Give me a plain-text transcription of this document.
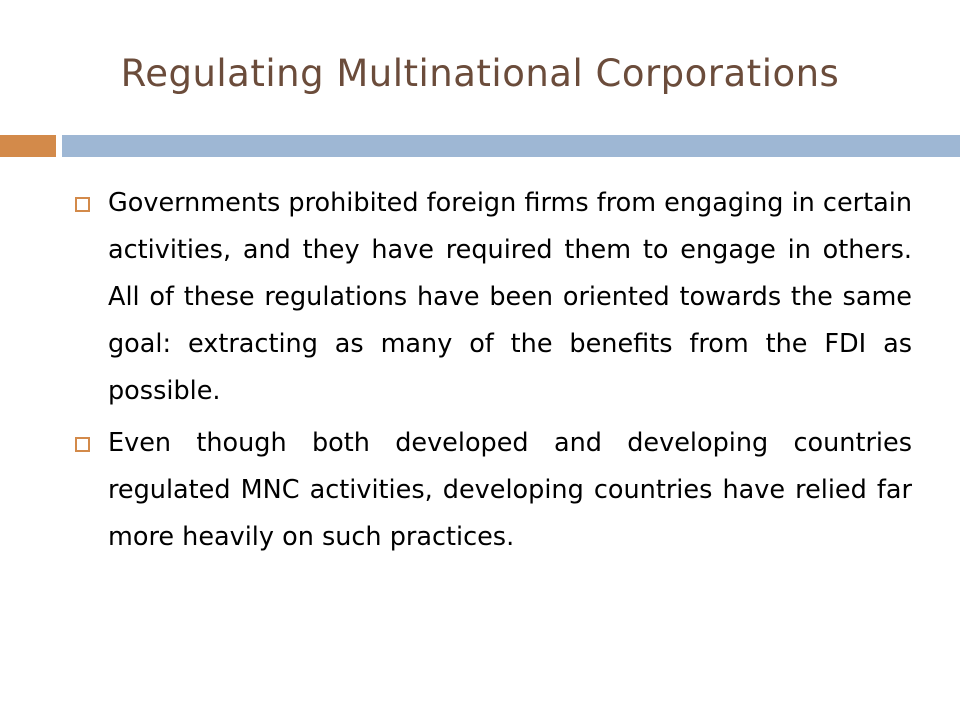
Regulating Multinational Corporations
Governments prohibited foreign firms from engaging in certain activities, and they have required them to engage in others. All of these regulations have been oriented towards the same goal: extracting as many of the benefits from the FDI as possible.
Even though both developed and developing countries regulated MNC activities, developing countries have relied far more heavily on such practices.
